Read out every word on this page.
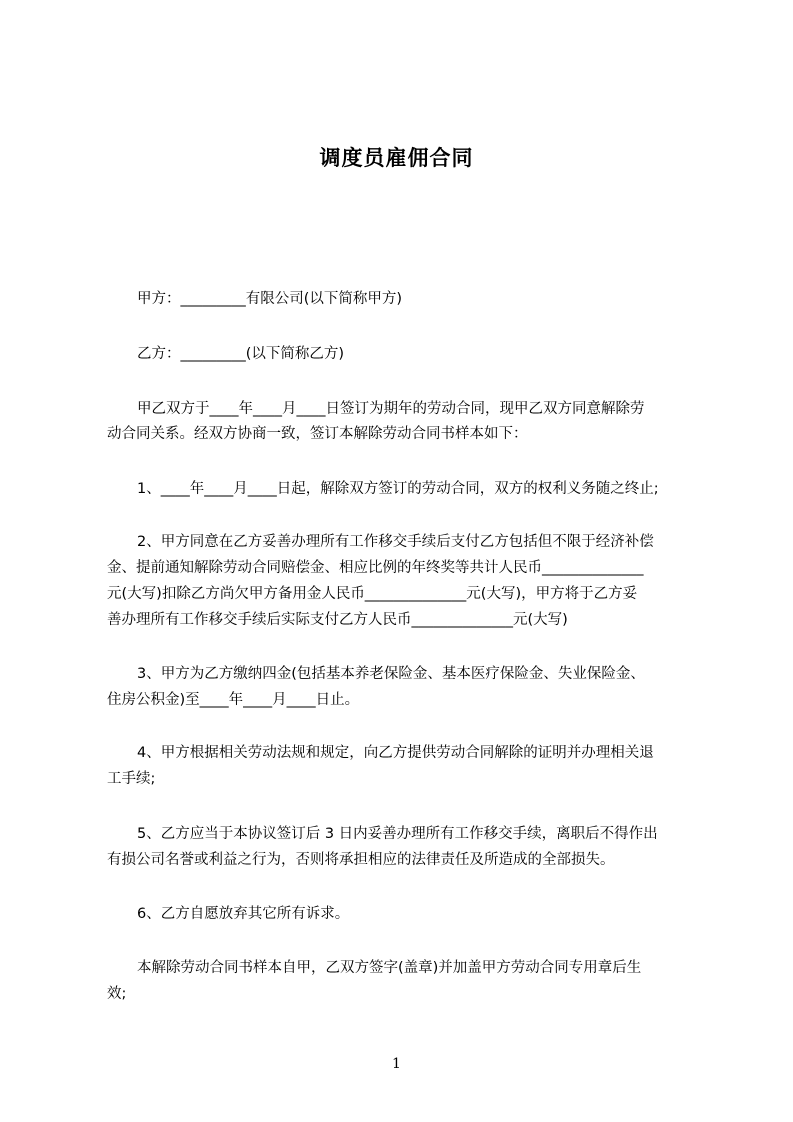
调度员雇佣合同
甲方：_________有限公司(以下简称甲方)
乙方：_________(以下简称乙方)
甲乙双方于____年____月____日签订为期年的劳动合同，现甲乙双方同意解除劳
动合同关系。经双方协商一致，签订本解除劳动合同书样本如下：
1、____年____月____日起，解除双方签订的劳动合同，双方的权利义务随之终止;
2、甲方同意在乙方妥善办理所有工作移交手续后支付乙方包括但不限于经济补偿
金、提前通知解除劳动合同赔偿金、相应比例的年终奖等共计人民币______________
元(大写)扣除乙方尚欠甲方备用金人民币______________元(大写)，甲方将于乙方妥
善办理所有工作移交手续后实际支付乙方人民币______________元(大写)
3、甲方为乙方缴纳四金(包括基本养老保险金、基本医疗保险金、失业保险金、
住房公积金)至____年____月____日止。
4、甲方根据相关劳动法规和规定，向乙方提供劳动合同解除的证明并办理相关退
工手续;
5、乙方应当于本协议签订后 3 日内妥善办理所有工作移交手续，离职后不得作出
有损公司名誉或利益之行为，否则将承担相应的法律责任及所造成的全部损失。
6、乙方自愿放弃其它所有诉求。
本解除劳动合同书样本自甲，乙双方签字(盖章)并加盖甲方劳动合同专用章后生
效;
1
